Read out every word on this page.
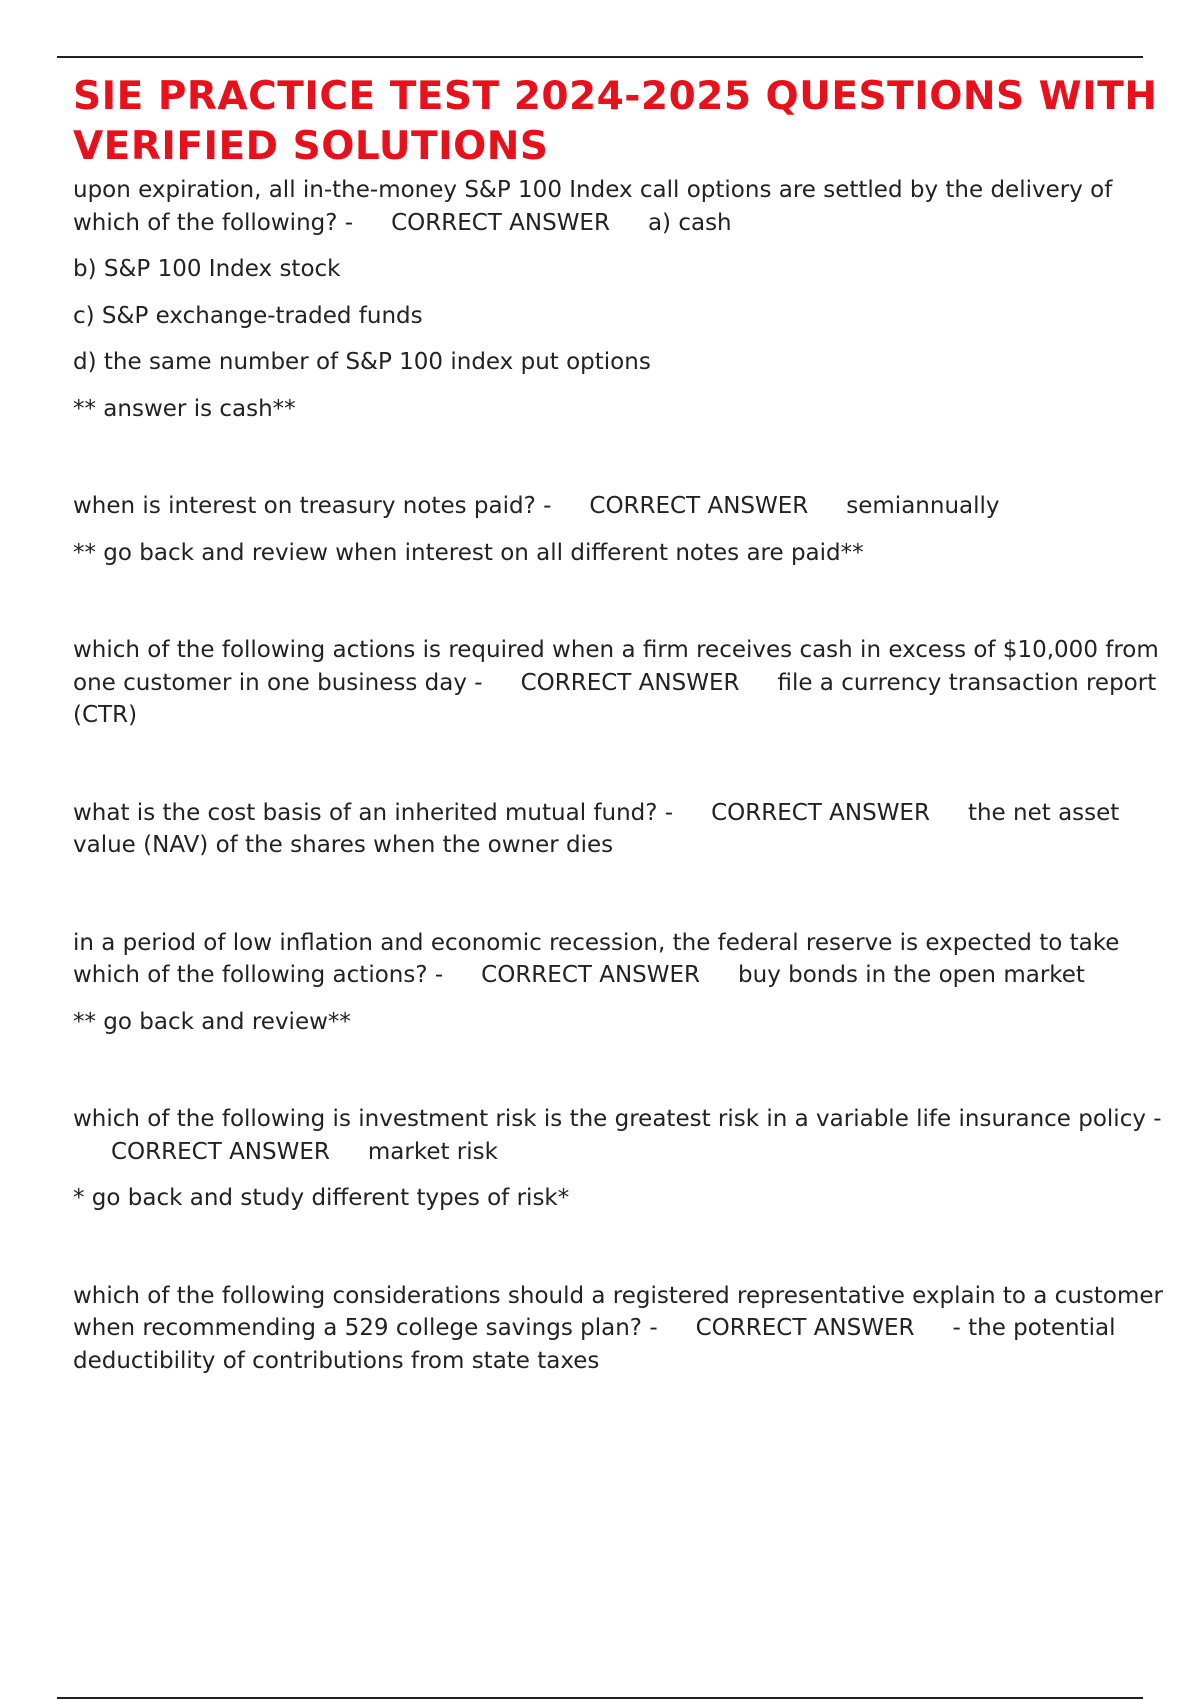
SIE PRACTICE TEST 2024-2025 QUESTIONS WITH VERIFIED SOLUTIONS

upon expiration, all in-the-money S&P 100 Index call options are settled by the delivery of which of the following? - CORRECT ANSWER a) cash

b) S&P 100 Index stock

c) S&P exchange-traded funds

d) the same number of S&P 100 index put options

** answer is cash**

when is interest on treasury notes paid? - CORRECT ANSWER semiannually

** go back and review when interest on all different notes are paid**

which of the following actions is required when a firm receives cash in excess of $10,000 from one customer in one business day - CORRECT ANSWER file a currency transaction report (CTR)

what is the cost basis of an inherited mutual fund? - CORRECT ANSWER the net asset value (NAV) of the shares when the owner dies

in a period of low inflation and economic recession, the federal reserve is expected to take which of the following actions? - CORRECT ANSWER buy bonds in the open market

** go back and review**

which of the following is investment risk is the greatest risk in a variable life insurance policy -CORRECT ANSWER market risk

* go back and study different types of risk*

which of the following considerations should a registered representative explain to a customer when recommending a 529 college savings plan? - CORRECT ANSWER - the potential deductibility of contributions from state taxes
